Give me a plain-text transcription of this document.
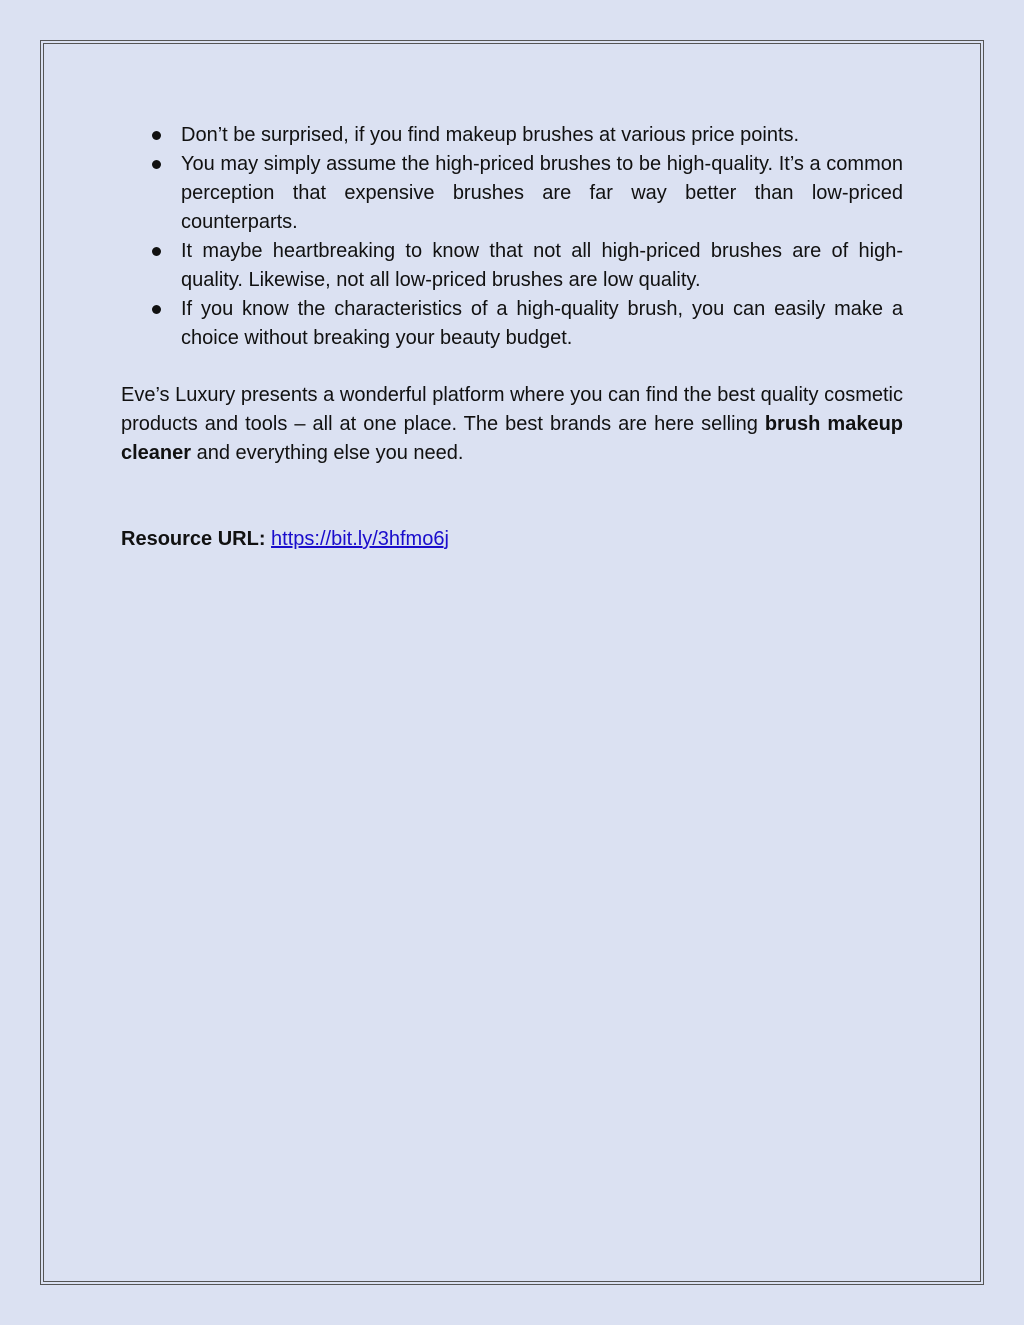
Don’t be surprised, if you find makeup brushes at various price points.
You may simply assume the high-priced brushes to be high-quality. It’s a common perception that expensive brushes are far way better than low-priced counterparts.
It maybe heartbreaking to know that not all high-priced brushes are of high-quality. Likewise, not all low-priced brushes are low quality.
If you know the characteristics of a high-quality brush, you can easily make a choice without breaking your beauty budget.

Eve’s Luxury presents a wonderful platform where you can find the best quality cosmetic products and tools – all at one place. The best brands are here selling brush makeup cleaner and everything else you need.

Resource URL: https://bit.ly/3hfmo6j
